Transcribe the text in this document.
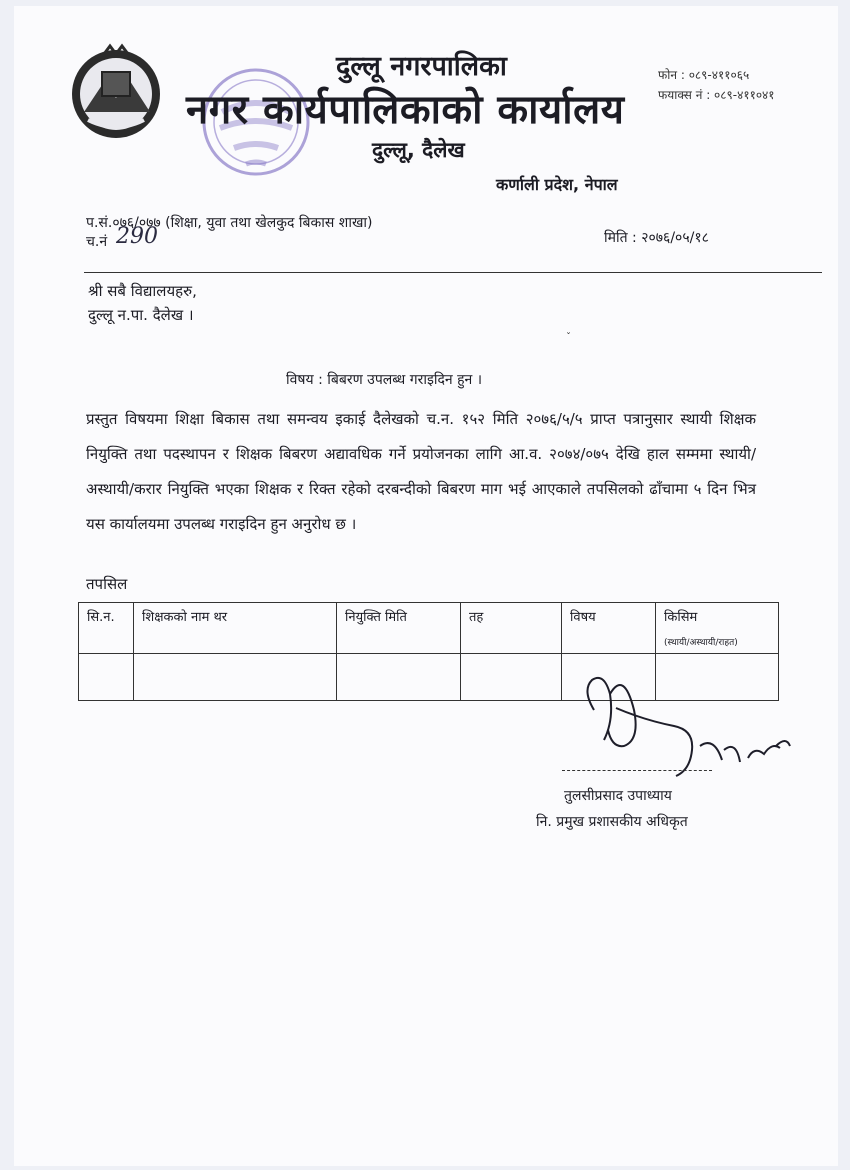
दुल्लू नगरपालिका
नगर कार्यपालिकाको कार्यालय
दुल्लू, दैलेख
कर्णाली प्रदेश, नेपाल
फोन : ०८९-४११०६५
फयाक्स नं : ०८९-४११०४१
प.सं.०७६/०७७ (शिक्षा, युवा तथा खेलकुद बिकास शाखा)
च.नं 290	मिति : २०७६/०५/१८
श्री सबै विद्यालयहरु,
दुल्लू न.पा. दैलेख ।
ˇ
विषय : बिबरण उपलब्ध गराइदिन हुन ।
प्रस्तुत विषयमा शिक्षा बिकास तथा समन्वय इकाई दैलेखको च.न. १५२ मिति २०७६/५/५ प्राप्त पत्रानुसार स्थायी शिक्षक नियुक्ति तथा पदस्थापन र शिक्षक बिबरण अद्यावधिक गर्ने प्रयोजनका लागि आ.व. २०७४/०७५ देखि हाल सम्ममा स्थायी/अस्थायी/करार नियुक्ति भएका शिक्षक र रिक्त रहेको दरबन्दीको बिबरण माग भई आएकाले तपसिलको ढाँचामा ५ दिन भित्र यस कार्यालयमा उपलब्ध गराइदिन हुन अनुरोध छ ।
तपसिल
सि.न.	शिक्षकको नाम थर	नियुक्ति मिति	तह	विषय	किसिम
(स्थायी/अस्थायी/राहत)

तुलसीप्रसाद उपाध्याय
नि. प्रमुख प्रशासकीय अधिकृत
